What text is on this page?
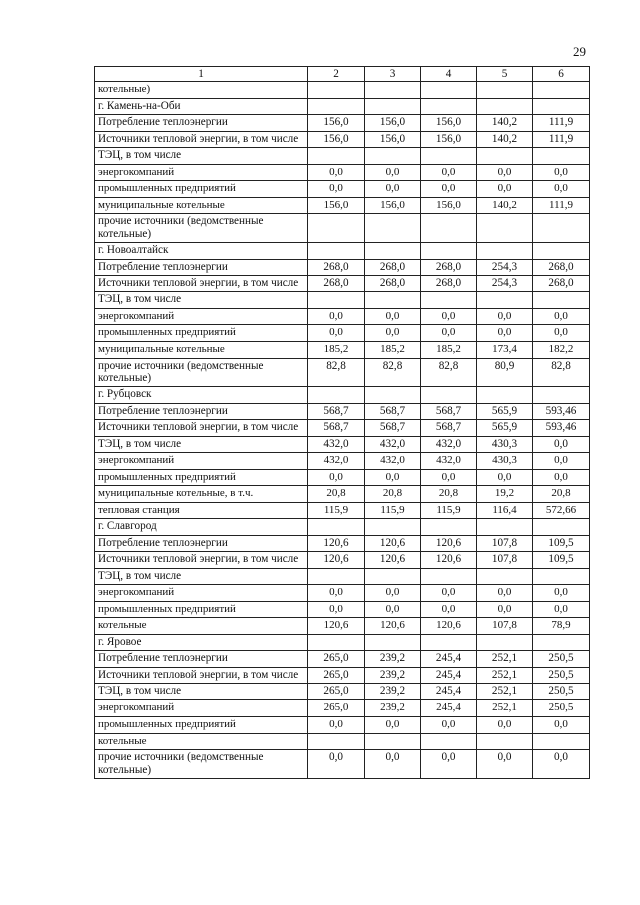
29
1	2	3	4	5	6
котельные)					
г. Камень-на-Оби					
Потребление теплоэнергии	156,0	156,0	156,0	140,2	111,9
Источники тепловой энергии, в том числе	156,0	156,0	156,0	140,2	111,9
ТЭЦ, в том числе					
энергокомпаний	0,0	0,0	0,0	0,0	0,0
промышленных предприятий	0,0	0,0	0,0	0,0	0,0
муниципальные котельные	156,0	156,0	156,0	140,2	111,9
прочие источники (ведомственные котельные)					
г. Новоалтайск					
Потребление теплоэнергии	268,0	268,0	268,0	254,3	268,0
Источники тепловой энергии, в том числе	268,0	268,0	268,0	254,3	268,0
ТЭЦ, в том числе					
энергокомпаний	0,0	0,0	0,0	0,0	0,0
промышленных предприятий	0,0	0,0	0,0	0,0	0,0
муниципальные котельные	185,2	185,2	185,2	173,4	182,2
прочие источники (ведомственные котельные)	82,8	82,8	82,8	80,9	82,8
г. Рубцовск					
Потребление теплоэнергии	568,7	568,7	568,7	565,9	593,46
Источники тепловой энергии, в том числе	568,7	568,7	568,7	565,9	593,46
ТЭЦ, в том числе	432,0	432,0	432,0	430,3	0,0
энергокомпаний	432,0	432,0	432,0	430,3	0,0
промышленных предприятий	0,0	0,0	0,0	0,0	0,0
муниципальные котельные, в т.ч.	20,8	20,8	20,8	19,2	20,8
тепловая станция	115,9	115,9	115,9	116,4	572,66
г. Славгород					
Потребление теплоэнергии	120,6	120,6	120,6	107,8	109,5
Источники тепловой энергии, в том числе	120,6	120,6	120,6	107,8	109,5
ТЭЦ, в том числе					
энергокомпаний	0,0	0,0	0,0	0,0	0,0
промышленных предприятий	0,0	0,0	0,0	0,0	0,0
котельные	120,6	120,6	120,6	107,8	78,9
г. Яровое					
Потребление теплоэнергии	265,0	239,2	245,4	252,1	250,5
Источники тепловой энергии, в том числе	265,0	239,2	245,4	252,1	250,5
ТЭЦ, в том числе	265,0	239,2	245,4	252,1	250,5
энергокомпаний	265,0	239,2	245,4	252,1	250,5
промышленных предприятий	0,0	0,0	0,0	0,0	0,0
котельные					
прочие источники (ведомственные котельные)	0,0	0,0	0,0	0,0	0,0
